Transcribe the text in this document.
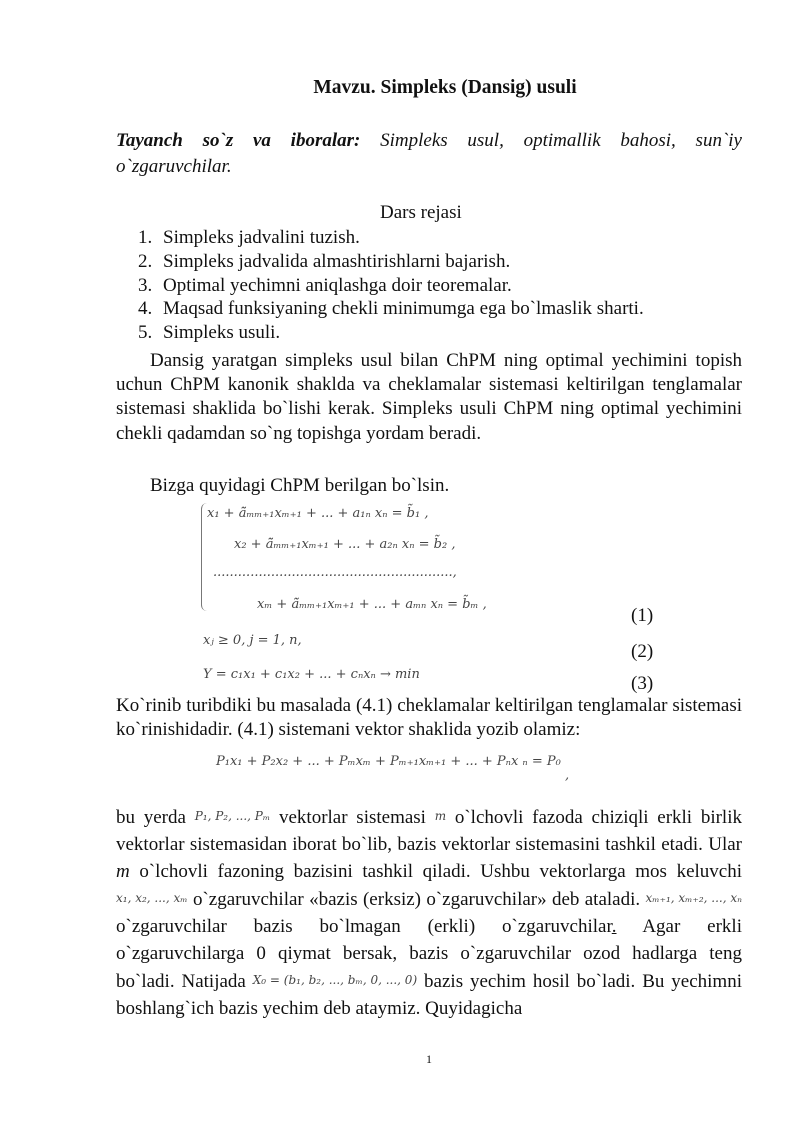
Mavzu. Simpleks (Dansig) usuli
Tayanch so`z va iboralar: Simpleks usul, optimallik bahosi, sun`iy o`zgaruvchilar.
Dars rejasi
1. Simpleks jadvalini tuzish.
2. Simpleks jadvalida almashtirishlarni bajarish.
3. Optimal yechimni aniqlashga doir teoremalar.
4. Maqsad funksiyaning chekli minimumga ega bo`lmaslik sharti.
5. Simpleks usuli.
Dansig yaratgan simpleks usul bilan ChPM ning optimal yechimini topish uchun ChPM kanonik shaklda va cheklamalar sistemasi keltirilgan tenglamalar sistemasi shaklida bo`lishi kerak. Simpleks usuli ChPM ning optimal yechimini chekli qadamdan so`ng topishga yordam beradi.
Bizga quyidagi ChPM berilgan bo`lsin.
x₁ + ã̃ₘₘ₊₁xₘ₊₁ + ... + a₁ₙ xₙ = b̃₁ ,
x₂ + ã̃ₘₘ₊₁xₘ₊₁ + ... + a₂ₙ xₙ = b̃₂ ,
..........................................................,
xₘ + ã̃ₘₘ₊₁xₘ₊₁ + ... + aₘₙ xₙ = b̃ₘ ,
xⱼ ≥ 0, j = 1, n,
Y = c₁x₁ + c₁x₂ + ... + cₙxₙ → min
(1)
(2)
(3)
Ko`rinib turibdiki bu masalada (4.1) cheklamalar keltirilgan tenglamalar sistemasi ko`rinishidadir. (4.1) sistemani vektor shaklida yozib olamiz:
P₁x₁ + P₂x₂ + ... + Pₘxₘ + Pₘ₊₁xₘ₊₁ + ... + Pₙx ₙ = P₀
,
bu yerda P₁, P₂, ..., Pₘ vektorlar sistemasi m o`lchovli fazoda chiziqli erkli birlik vektorlar sistemasidan iborat bo`lib, bazis vektorlar sistemasini tashkil etadi. Ular m o`lchovli fazoning bazisini tashkil qiladi. Ushbu vektorlarga mos keluvchi x₁, x₂, ..., xₘ o`zgaruvchilar «bazis (erksiz) o`zgaruvchilar» deb ataladi. xₘ₊₁, xₘ₊₂, ..., xₙ o`zgaruvchilar bazis bo`lmagan (erkli) o`zgaruvchilar. Agar erkli o`zgaruvchilarga 0 qiymat bersak, bazis o`zgaruvchilar ozod hadlarga teng bo`ladi. Natijada X₀ = (b₁, b₂, ..., bₘ, 0, ..., 0) bazis yechim hosil bo`ladi. Bu yechimni boshlang`ich bazis yechim deb ataymiz. Quyidagicha
1
